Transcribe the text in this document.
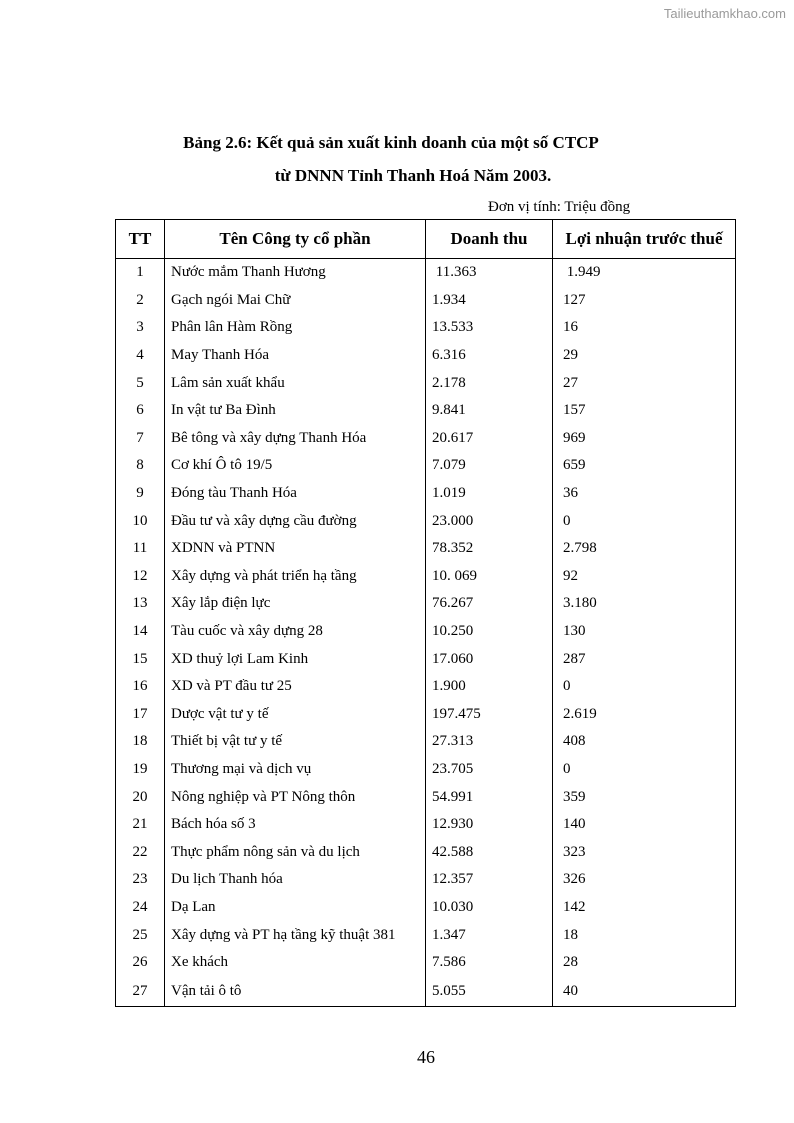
Tailieuthamkhao.com
Bảng 2.6: Kết quả sản xuất kinh doanh của một số CTCP
từ DNNN Tỉnh Thanh Hoá Năm 2003.
Đơn vị tính: Triệu đồng
TT	Tên Công ty cổ phần	Doanh thu	Lợi nhuận trước thuế
1	Nước mắm Thanh Hương	11.363	1.949
2	Gạch ngói Mai Chữ	1.934	127
3	Phân lân Hàm Rồng	13.533	16
4	May Thanh Hóa	6.316	29
5	Lâm sản xuất khẩu	2.178	27
6	In vật tư Ba Đình	9.841	157
7	Bê tông và xây dựng Thanh Hóa	20.617	969
8	Cơ khí Ô tô 19/5	7.079	659
9	Đóng tàu Thanh Hóa	1.019	36
10	Đầu tư và xây dựng cầu đường	23.000	0
11	XDNN và PTNN	78.352	2.798
12	Xây dựng và phát triển hạ tầng	10. 069	92
13	Xây lắp điện lực	76.267	3.180
14	Tàu cuốc và xây dựng 28	10.250	130
15	XD thuỷ lợi Lam Kinh	17.060	287
16	XD và PT đầu tư 25	1.900	0
17	Dược vật tư y tế	197.475	2.619
18	Thiết bị vật tư y tế	27.313	408
19	Thương mại và dịch vụ	23.705	0
20	Nông nghiệp và PT Nông thôn	54.991	359
21	Bách hóa số 3	12.930	140
22	Thực phẩm nông sản và du lịch	42.588	323
23	Du lịch Thanh hóa	12.357	326
24	Dạ Lan	10.030	142
25	Xây dựng và PT hạ tầng kỹ thuật 381	1.347	18
26	Xe khách	7.586	28
27	Vận tải ô tô	5.055	40
46
